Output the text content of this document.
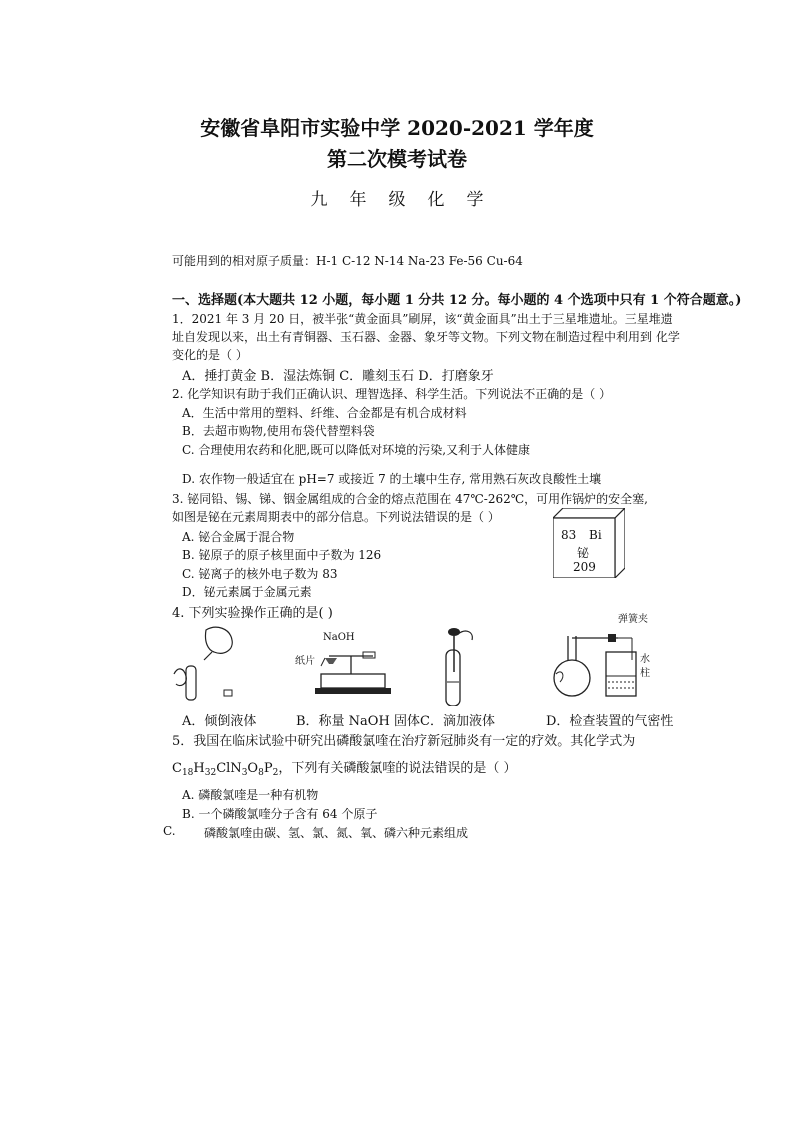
安徽省阜阳市实验中学 2020-2021 学年度
第二次模考试卷
九年级化学
可能用到的相对原子质量：H-1 C-12 N-14 Na-23 Fe-56 Cu-64
一、选择题(本大题共 12 小题，每小题 1 分共 12 分。每小题的 4 个选项中只有 1 个符合题意。)
1．2021 年 3 月 20 日，被半张“黄金面具”刷屏，该“黄金面具”出土于三星堆遗址。三星堆遗
址自发现以来，出土有青铜器、玉石器、金器、象牙等文物。下列文物在制造过程中利用到 化学
变化的是（ ）
A．捶打黄金 B．湿法炼铜 C．雕刻玉石 D．打磨象牙
2. 化学知识有助于我们正确认识、理智选择、科学生活。下列说法不正确的是（ ）
A．生活中常用的塑料、纤维、合金都是有机合成材料
B．去超市购物,使用布袋代替塑料袋
C. 合理使用农药和化肥,既可以降低对环境的污染,又利于人体健康
D. 农作物一般适宜在 pH=7 或接近 7 的土壤中生存, 常用熟石灰改良酸性土壤
3. 铋同铅、锡、锑、铟金属组成的合金的熔点范围在 47℃-262℃，可用作锅炉的安全塞,
如图是铋在元素周期表中的部分信息。下列说法错误的是（ ）
A. 铋合金属于混合物
B. 铋原子的原子核里面中子数为 126
C. 铋离子的核外电子数为 83
D．铋元素属于金属元素
83 Bi
铋
209
4. 下列实验操作正确的是( )
NaOH
纸片
弹簧夹
水
柱
A．倾倒液体	B．称量 NaOH 固体 C．滴加液体	D．检查装置的气密性
5．我国在临床试验中研究出磷酸氯喹在治疗新冠肺炎有一定的疗效。其化学式为
$C_{18}H_{32}ClN_3O_8P_2$，下列有关磷酸氯喹的说法错误的是（ ）
A. 磷酸氯喹是一种有机物
B. 一个磷酸氯喹分子含有 64 个原子
C. 磷酸氯喹由碳、氢、氯、氮、氧、磷六种元素组成
